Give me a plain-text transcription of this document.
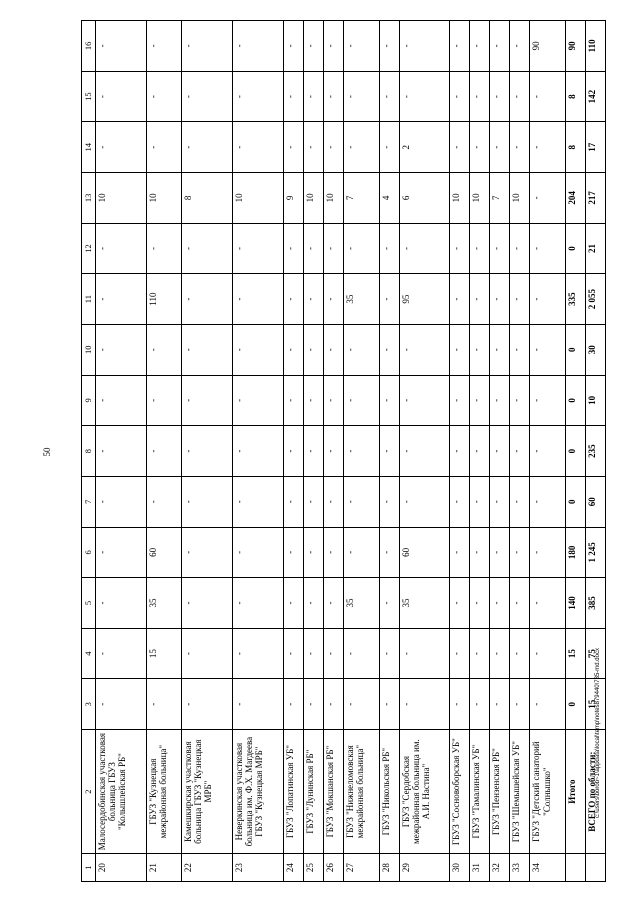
50
1	2	3	4	5	6	7	8	9	10	11	12	13	14	15	16
20	Малосердобинская участковая больница ГБУЗ "Колышлейская РБ"	-	-	-	-	-	-	-	-	-	-	10	-	-	-
21	ГБУЗ "Кузнецкая межрайонная больница"	-	15	35	60	-	-	-	-	110	-	10	-	-	-
22	Камешкирская участковая больница ГБУЗ "Кузнецкая МРБ"	-	-	-	-	-	-	-	-	-	-	8	-	-	-
23	Неверкинская участковая больница им. Ф.Х. Магдеева ГБУЗ "Кузнецкая МРБ"	-	-	-	-	-	-	-	-	-	-	10	-	-	-
24	ГБУЗ "Лопатинская УБ"	-	-	-	-	-	-	-	-	-	-	9	-	-	-
25	ГБУЗ "Лунинская РБ"	-	-	-	-	-	-	-	-	-	-	10	-	-	-
26	ГБУЗ "Мокшанская РБ"	-	-	-	-	-	-	-	-	-	-	10	-	-	-
27	ГБУЗ "Нижнеломовская межрайонная больница"	-	-	35	-	-	-	-	-	35	-	7	-	-	-
28	ГБУЗ "Никольская РБ"	-	-	-	-	-	-	-	-	-	-	4	-	-	-
29	ГБУЗ "Сердобская межрайонная больница им. А.И. Настина"	-	-	35	60	-	-	-	-	95	-	6	2	-	-
30	ГБУЗ "Сосновоборская УБ"	-	-	-	-	-	-	-	-	-	-	10	-	-	-
31	ГБУЗ "Тамалинская УБ"	-	-	-	-	-	-	-	-	-	-	10	-	-	-
32	ГБУЗ "Пензенская РБ"	-	-	-	-	-	-	-	-	-	-	7	-	-	-
33	ГБУЗ "Шемышейская УБ"	-	-	-	-	-	-	-	-	-	-	10	-	-	-
34	ГБУЗ "Детский санаторий "Солнышко"	-	-	-	-	-	-	-	-	-	-	-	-	-	90
	Итого	0	15	140	180	0	0	0	0	335	0	204	8	8	90
	ВСЕГО по области:	15	75	385	1 245	60	235	10	30	2 055	21	217	17	142	110
c:\users\borob~1\appdata\local\temp\notes879440\735-md.docx
